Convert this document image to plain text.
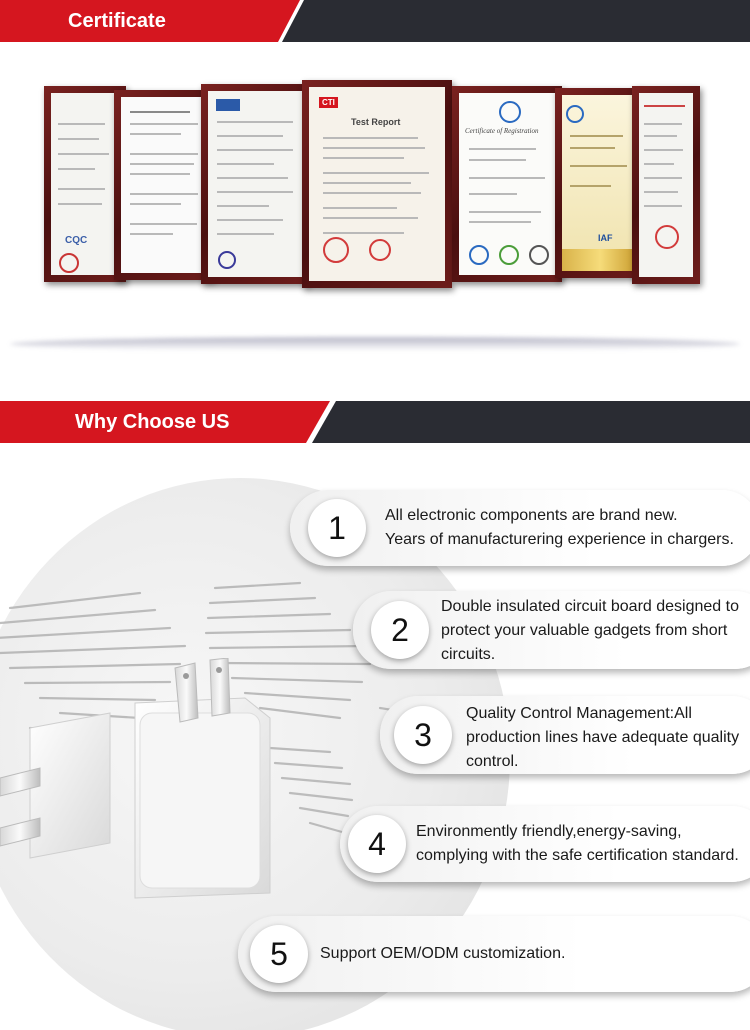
Certificate
CQC
CTI
Test Report
Certificate of Registration
IAF
Why Choose US
1	All electronic components are brand new.
Years of manufacturering experience in chargers.
2
Double insulated circuit board designed to
protect your valuable gadgets from short
circuits.
3
Quality Control Management:All
production lines have adequate quality
control.
4	Environmently friendly,energy-saving,
complying with the safe certification standard.
5	Support OEM/ODM customization.
